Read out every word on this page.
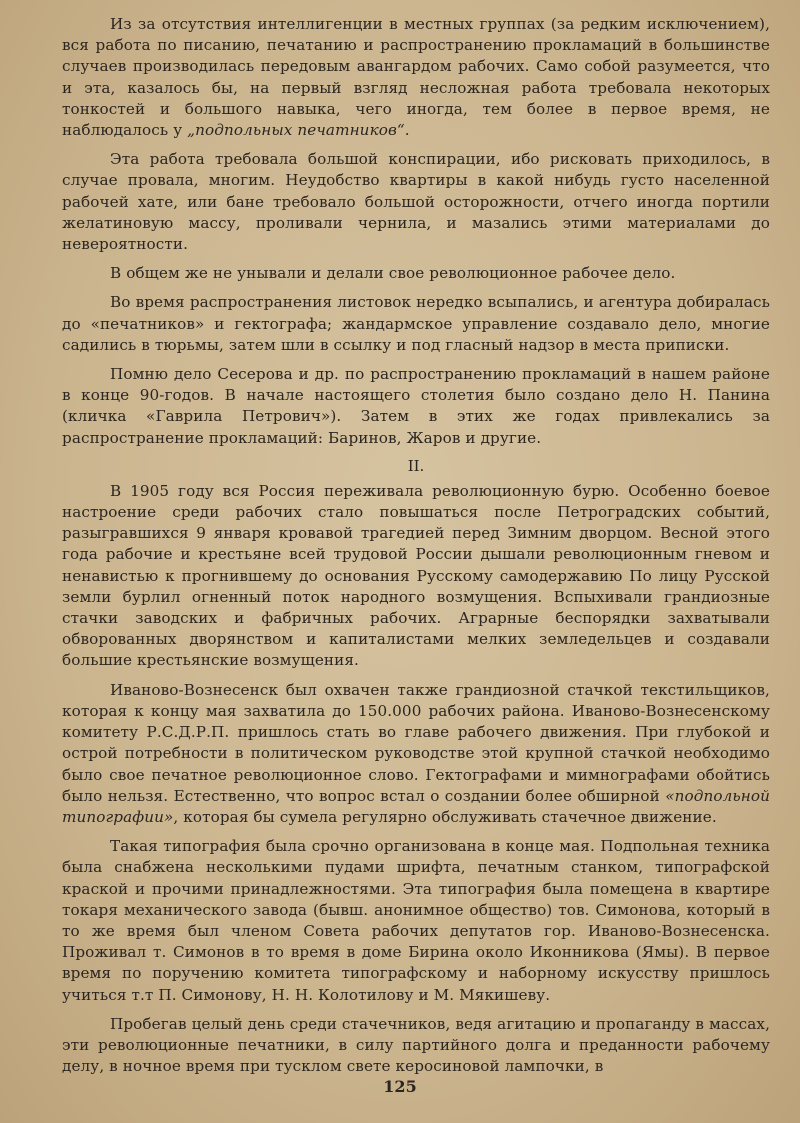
Из за отсутствия интеллигенции в местных группах (за редким исключением), вся работа по писанию, печатанию и распространению прокламаций в большинстве случаев производилась передовым авангардом рабочих. Само собой разумеется, что и эта, казалось бы, на первый взгляд несложная работа требовала некоторых тонкостей и большого навыка, чего иногда, тем более в первое время, не наблюдалось у „подпольных печатников“.

Эта работа требовала большой конспирации, ибо рисковать приходилось, в случае провала, многим. Неудобство квартиры в какой нибудь густо населенной рабочей хате, или бане требовало большой осторожности, отчего иногда портили желатиновую массу, проливали чернила, и мазались этими материалами до невероятности.

В общем же не унывали и делали свое революционное рабочее дело.

Во время распространения листовок нередко всыпались, и агентура добиралась до «печатников» и гектографа; жандармское управление создавало дело, многие садились в тюрьмы, затем шли в ссылку и под гласный надзор в места приписки.

Помню дело Сесерова и др. по распространению прокламаций в нашем районе в конце 90-годов. В начале настоящего столетия было создано дело Н. Панина (кличка «Гаврила Петрович»). Затем в этих же годах привлекались за распространение прокламаций: Баринов, Жаров и другие.

II.

В 1905 году вся Россия переживала революционную бурю. Особенно боевое настроение среди рабочих стало повышаться после Петроградских событий, разыгравшихся 9 января кровавой трагедией перед Зимним дворцом. Весной этого года рабочие и крестьяне всей трудовой России дышали революционным гневом и ненавистью к прогнившему до основания Русскому самодержавию По лицу Русской земли бурлил огненный поток народного возмущения. Вспыхивали грандиозные стачки заводских и фабричных рабочих. Аграрные беспорядки захватывали обворованных дворянством и капиталистами мелких земледельцев и создавали большие крестьянские возмущения.

Иваново-Вознесенск был охвачен также грандиозной стачкой текстильщиков, которая к концу мая захватила до 150.000 рабочих района. Иваново-Вознесенскому комитету Р.С.Д.Р.П. пришлось стать во главе рабочего движения. При глубокой и острой потребности в политическом руководстве этой крупной стачкой необходимо было свое печатное революционное слово. Гектографами и мимнографами обойтись было нельзя. Естественно, что вопрос встал о создании более обширной «подпольной типографии», которая бы сумела регулярно обслуживать стачечное движение.

Такая типография была срочно организована в конце мая. Подпольная техника была снабжена несколькими пудами шрифта, печатным станком, типографской краской и прочими принадлежностями. Эта типография была помещена в квартире токаря механического завода (бывш. анонимное общество) тов. Симонова, который в то же время был членом Совета рабочих депутатов гор. Иваново-Вознесенска. Проживал т. Симонов в то время в доме Бирина около Иконникова (Ямы). В первое время по поручению комитета типографскому и наборному искусству пришлось учиться т.т П. Симонову, Н. Н. Колотилову и М. Мякишеву.

Пробегав целый день среди стачечников, ведя агитацию и пропаганду в массах, эти революционные печатники, в силу партийного долга и преданности рабочему делу, в ночное время при тусклом свете керосиновой лампочки, в

125
